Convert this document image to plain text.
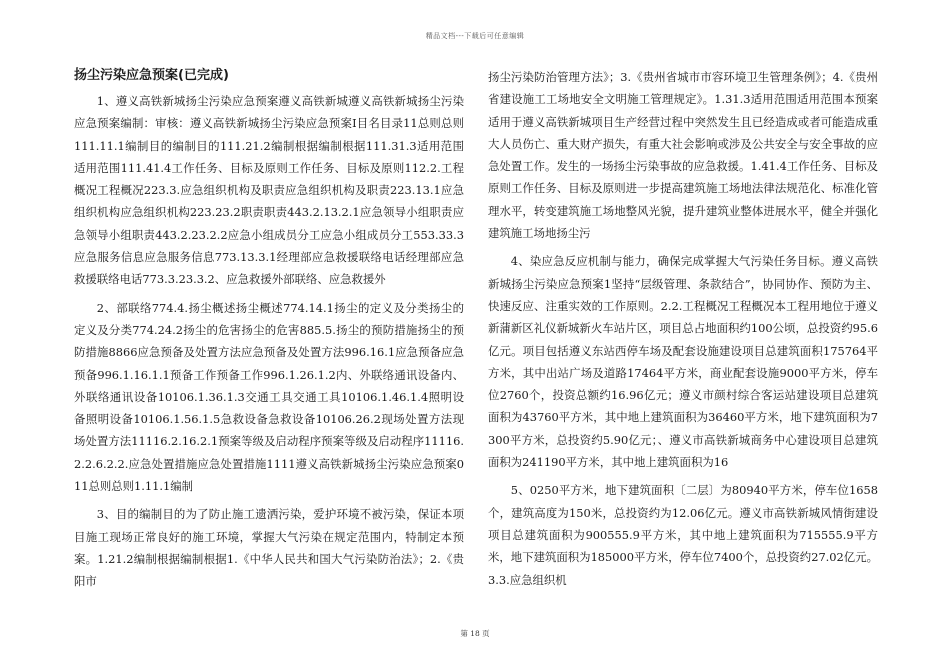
精品文档---下载后可任意编辑
扬尘污染应急预案(已完成)

1、遵义高铁新城扬尘污染应急预案遵义高铁新城遵义高铁新城扬尘污染应急预案编制：审核：遵义高铁新城扬尘污染应急预案Ⅰ目名目录11总则总则111.11.1编制目的编制目的111.21.2编制根据编制根据111.31.3适用范围适用范围111.41.4工作任务、目标及原则工作任务、目标及原则112.2.工程概况工程概况223.3.应急组织机构及职责应急组织机构及职责223.13.1应急组织机构应急组织机构223.23.2职责职责443.2.13.2.1应急领导小组职责应急领导小组职责443.2.23.2.2应急小组成员分工应急小组成员分工553.33.3应急服务信息应急服务信息773.13.3.1经理部应急救援联络电话经理部应急救援联络电话773.3.23.3.2、应急救援外部联络、应急救援外

2、部联络774.4.扬尘概述扬尘概述774.14.1扬尘的定义及分类扬尘的定义及分类774.24.2扬尘的危害扬尘的危害885.5.扬尘的预防措施扬尘的预防措施8866应急预备及处置方法应急预备及处置方法996.16.1应急预备应急预备996.1.16.1.1预备工作预备工作996.1.26.1.2内、外联络通讯设备内、外联络通讯设备10106.1.36.1.3交通工具交通工具10106.1.46.1.4照明设备照明设备10106.1.56.1.5急救设备急救设备10106.26.2现场处置方法现场处置方法11116.2.16.2.1预案等级及启动程序预案等级及启动程序11116.2.2.6.2.2.应急处置措施应急处置措施1111遵义高铁新城扬尘污染应急预案011总则总则1.11.1编制

3、目的编制目的为了防止施工遗洒污染，爱护环境不被污染，保证本项目施工现场正常良好的施工环境，掌握大气污染在规定范围内，特制定本预案。1.21.2编制根据编制根据1.《中华人民共和国大气污染防治法》；2.《贵阳市

扬尘污染防治管理方法》；3.《贵州省城市市容环境卫生管理条例》；4.《贵州省建设施工工场地安全文明施工管理规定》。1.31.3适用范围适用范围本预案适用于遵义高铁新城项目生产经营过程中突然发生且已经造成或者可能造成重大人员伤亡、重大财产损失，有重大社会影响或涉及公共安全与安全事故的应急处置工作。发生的一场扬尘污染事故的应急救援。1.41.4工作任务、目标及原则工作任务、目标及原则进一步提高建筑施工场地法律法规范化、标准化管理水平，转变建筑施工场地整风光貌，提升建筑业整体进展水平，健全并强化建筑施工场地扬尘污

4、染应急反应机制与能力，确保完成掌握大气污染任务目标。遵义高铁新城扬尘污染应急预案1坚持“层级管理、条款结合”，协同协作、预防为主、快速反应、注重实效的工作原则。2.2.工程概况工程概况本工程用地位于遵义新蒲新区礼仪新城新火车站片区，项目总占地面积约100公顷，总投资约95.6亿元。项目包括遵义东站西停车场及配套设施建设项目总建筑面积175764平方米，其中出站广场及道路17464平方米，商业配套设施9000平方米，停车位2760个，投资总额约16.96亿元；遵义市颜村综合客运站建设项目总建筑面积为43760平方米，其中地上建筑面积为36460平方米，地下建筑面积为7300平方米，总投资约5.90亿元；、遵义市高铁新城商务中心建设项目总建筑面积为241190平方米，其中地上建筑面积为16

5、0250平方米，地下建筑面积〔二层〕为80940平方米，停车位1658个，建筑高度为150米，总投资约为12.06亿元。遵义市高铁新城风情街建设项目总建筑面积为900555.9平方米，其中地上建筑面积为715555.9平方米，地下建筑面积为185000平方米，停车位7400个，总投资约27.02亿元。3.3.应急组织机

第 18 页
